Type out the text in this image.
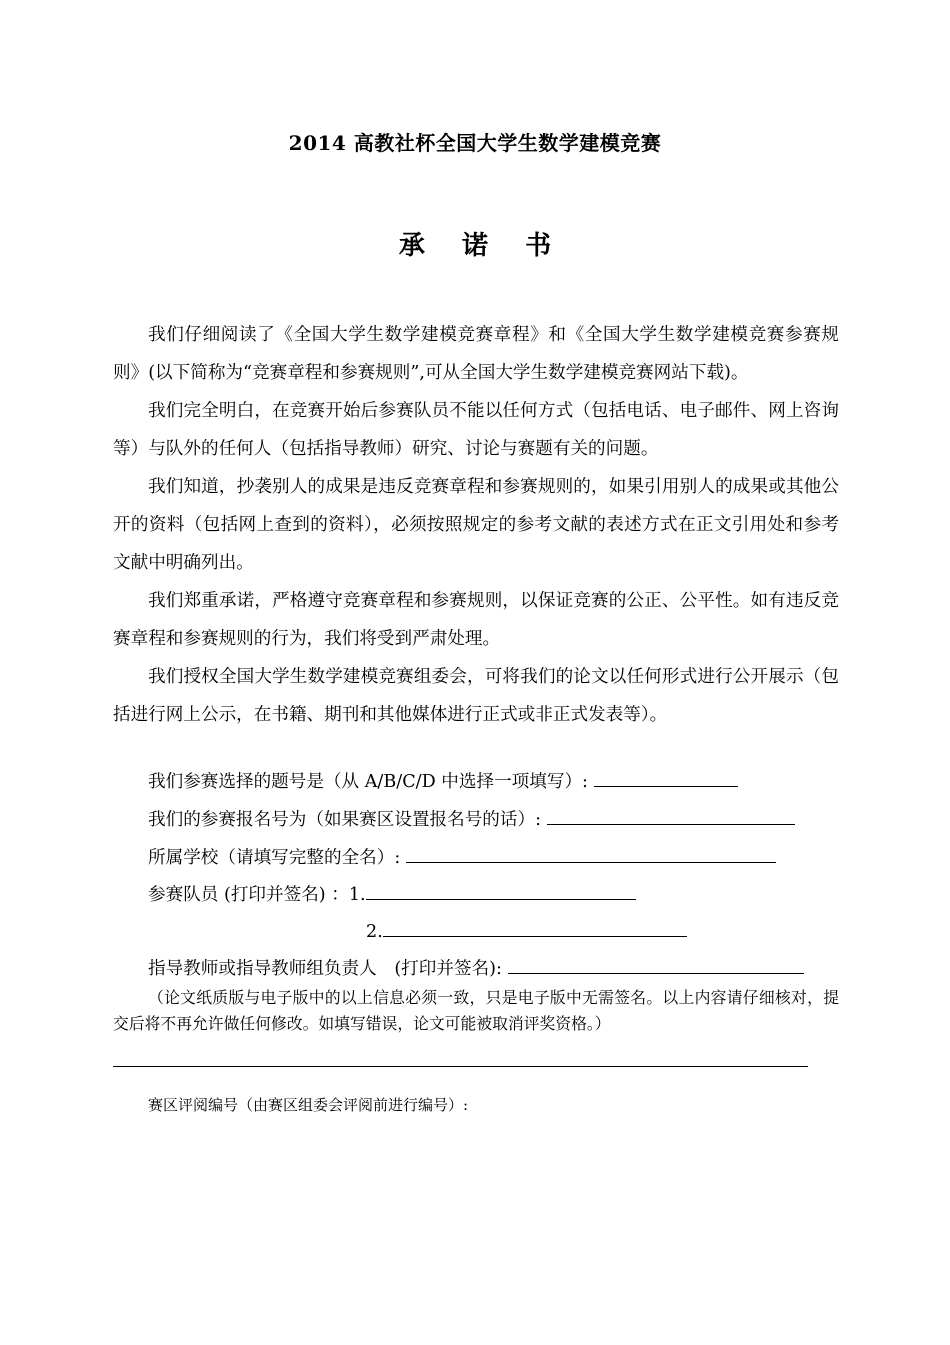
2014 高教社杯全国大学生数学建模竞赛
承 诺 书

我们仔细阅读了《全国大学生数学建模竞赛章程》和《全国大学生数学建模竞赛参赛规则》(以下简称为“竞赛章程和参赛规则”,可从全国大学生数学建模竞赛网站下载)。

我们完全明白，在竞赛开始后参赛队员不能以任何方式（包括电话、电子邮件、网上咨询等）与队外的任何人（包括指导教师）研究、讨论与赛题有关的问题。

我们知道，抄袭别人的成果是违反竞赛章程和参赛规则的，如果引用别人的成果或其他公开的资料（包括网上查到的资料），必须按照规定的参考文献的表述方式在正文引用处和参考文献中明确列出。

我们郑重承诺，严格遵守竞赛章程和参赛规则，以保证竞赛的公正、公平性。如有违反竞赛章程和参赛规则的行为，我们将受到严肃处理。

我们授权全国大学生数学建模竞赛组委会，可将我们的论文以任何形式进行公开展示（包括进行网上公示，在书籍、期刊和其他媒体进行正式或非正式发表等）。

我们参赛选择的题号是（从 A/B/C/D 中选择一项填写）:
我们的参赛报名号为（如果赛区设置报名号的话）:
所属学校（请填写完整的全名）:
参赛队员 (打印并签名) ：1.
2.
指导教师或指导教师组负责人　(打印并签名):

（论文纸质版与电子版中的以上信息必须一致，只是电子版中无需签名。以上内容请仔细核对，提交后将不再允许做任何修改。如填写错误，论文可能被取消评奖资格。）

赛区评阅编号（由赛区组委会评阅前进行编号）:
